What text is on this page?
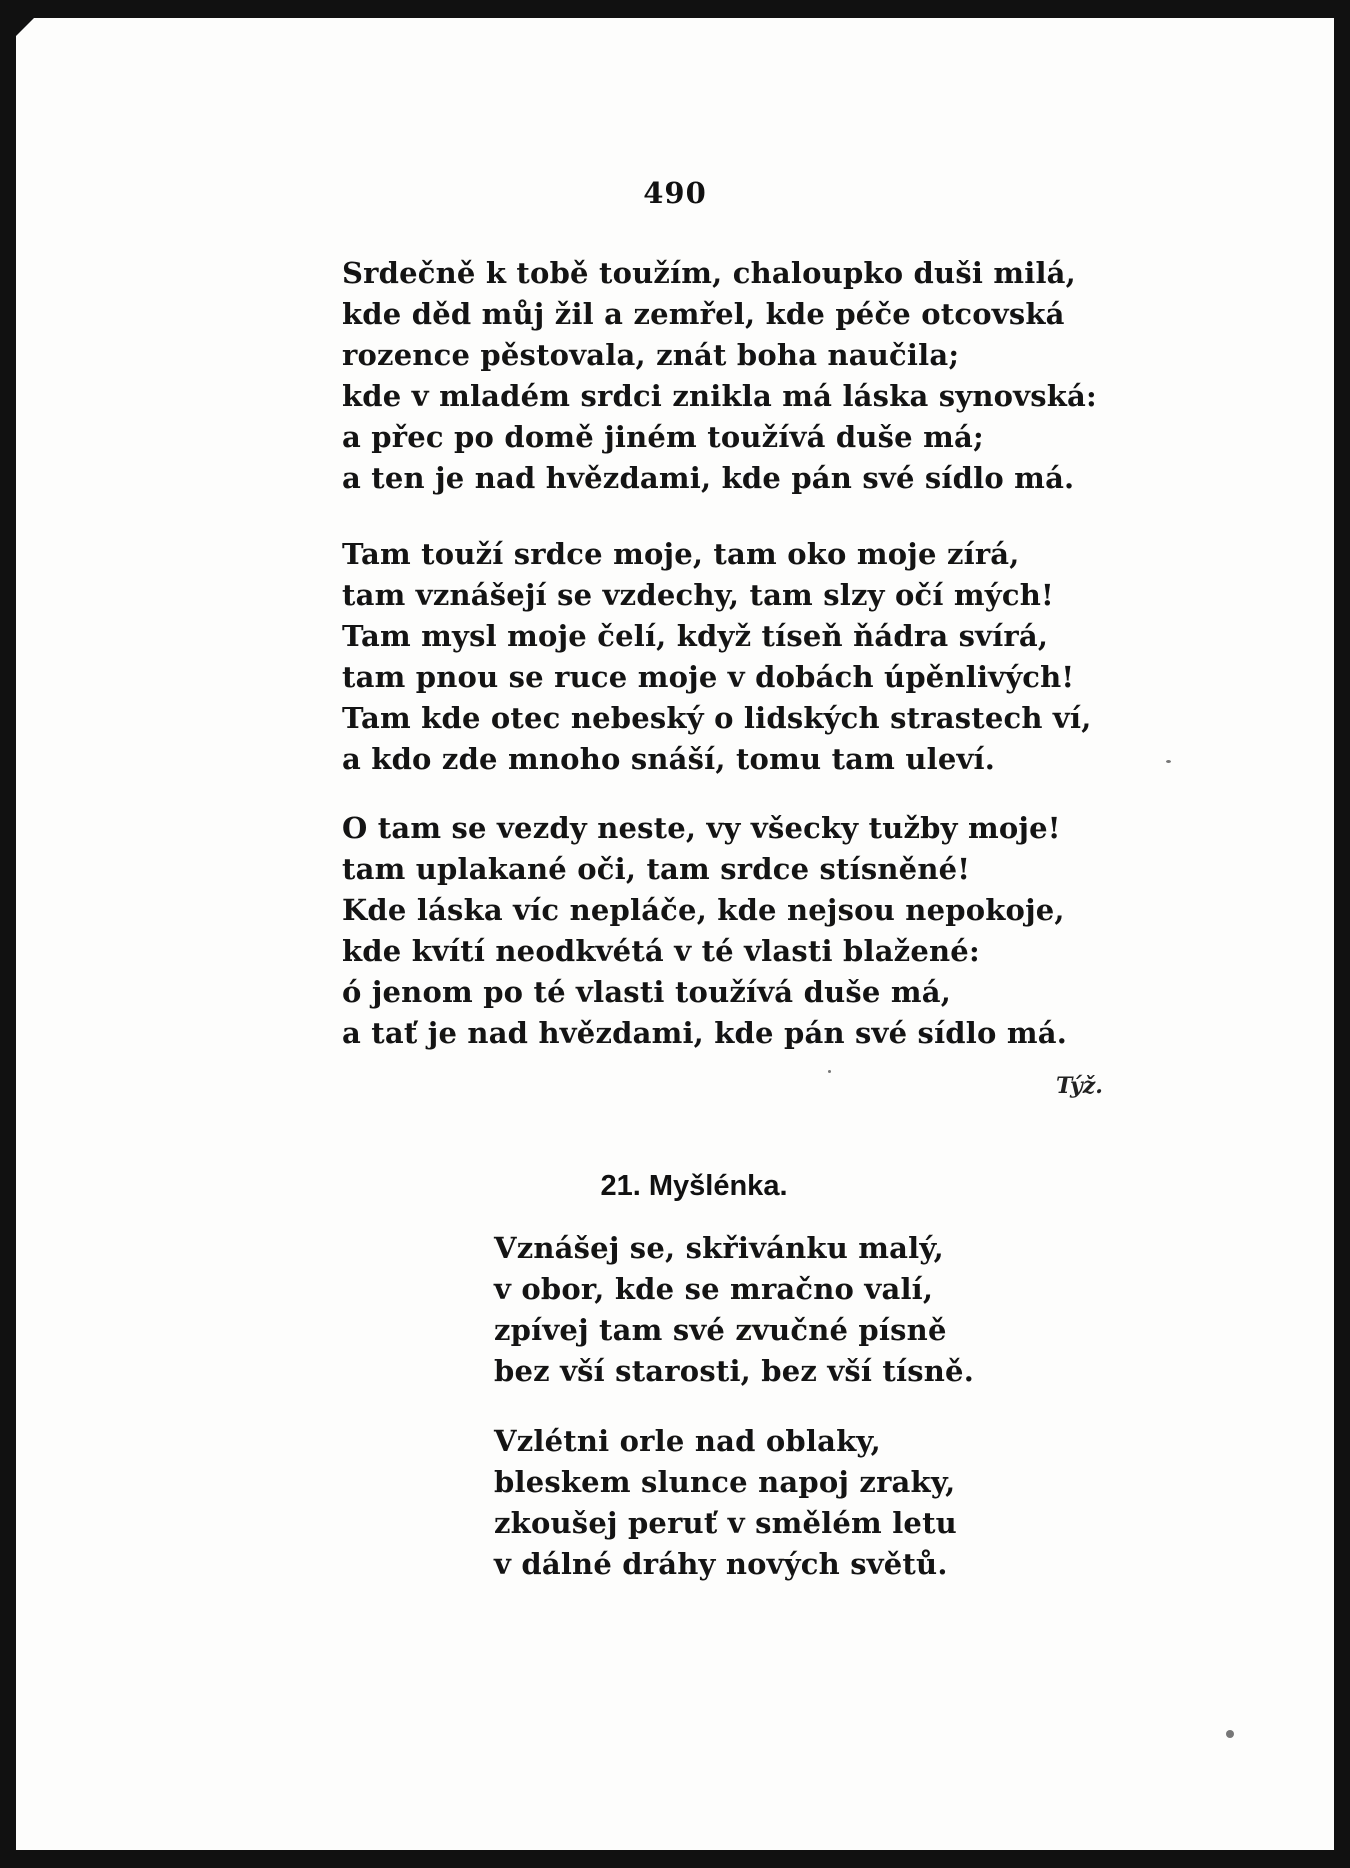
490
Srdečně k tobě toužím, chaloupko duši milá,
kde děd můj žil a zemřel, kde péče otcovská
rozence pěstovala, znát boha naučila;
kde v mladém srdci znikla má láska synovská:
a přec po domě jiném toužívá duše má;
a ten je nad hvězdami, kde pán své sídlo má.
Tam touží srdce moje, tam oko moje zírá,
tam vznášejí se vzdechy, tam slzy očí mých!
Tam mysl moje čelí, když tíseň ňádra svírá,
tam pnou se ruce moje v dobách úpěnlivých!
Tam kde otec nebeský o lidských strastech ví,
a kdo zde mnoho snáší, tomu tam uleví.
O tam se vezdy neste, vy všecky tužby moje!
tam uplakané oči, tam srdce stísněné!
Kde láska víc nepláče, kde nejsou nepokoje,
kde kvítí neodkvétá v té vlasti blažené:
ó jenom po té vlasti toužívá duše má,
a tať je nad hvězdami, kde pán své sídlo má.
Týž.
21. Myšlénka.
Vznášej se, skřivánku malý,
v obor, kde se mračno valí,
zpívej tam své zvučné písně
bez vší starosti, bez vší tísně.
Vzlétni orle nad oblaky,
bleskem slunce napoj zraky,
zkoušej peruť v smělém letu
v dálné dráhy nových světů.
